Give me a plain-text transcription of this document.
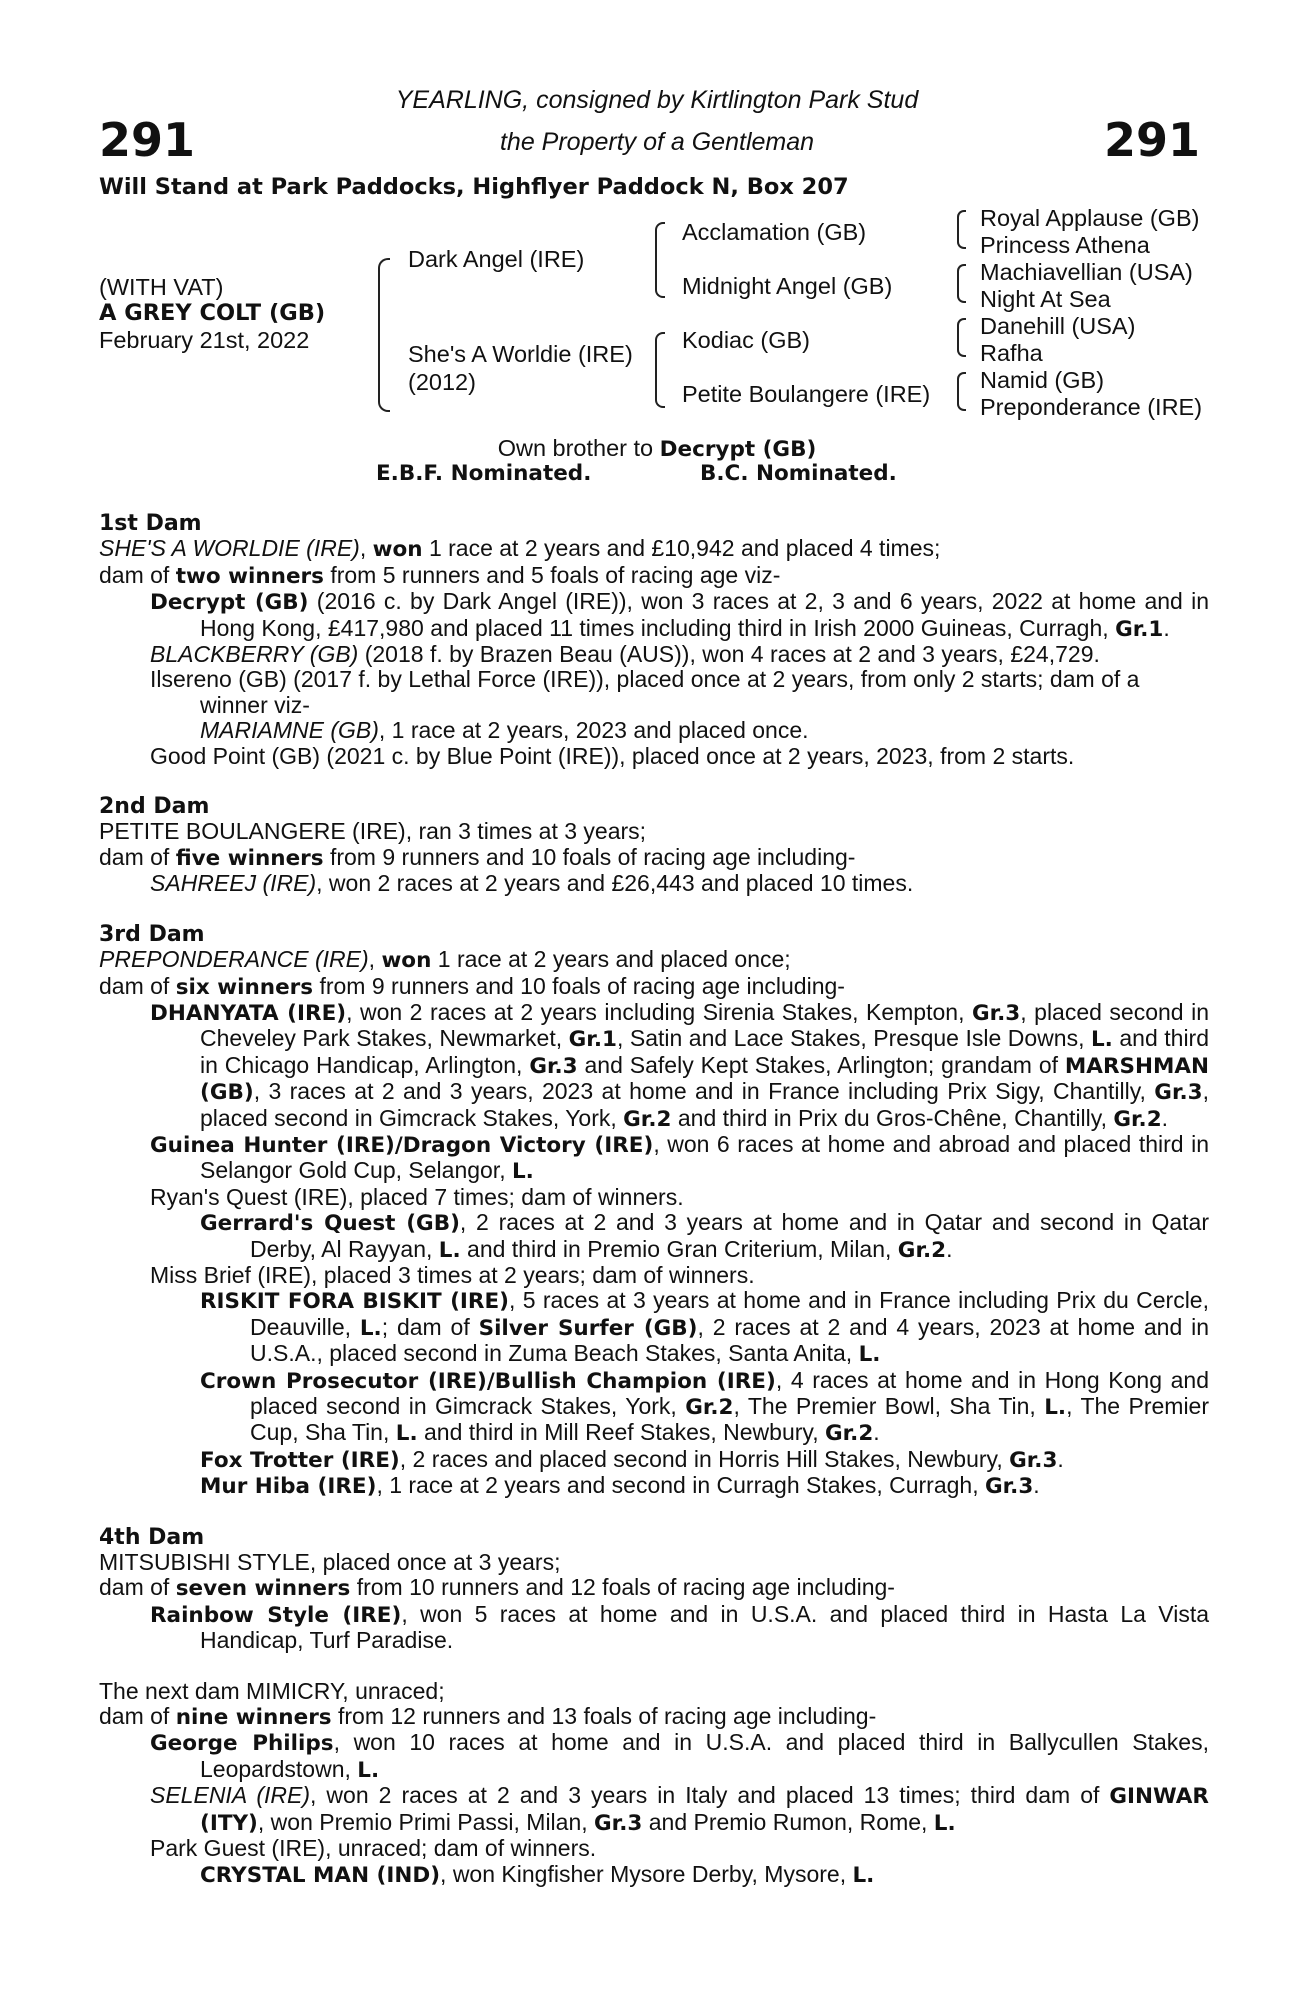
291	291
YEARLING, consigned by Kirtlington Park Stud
the Property of a Gentleman
Will Stand at Park Paddocks, Highflyer Paddock N, Box 207
(WITH VAT)
A GREY COLT (GB)
February 21st, 2022
Dark Angel (IRE)
She's A Worldie (IRE)
(2012)
Acclamation (GB)
Midnight Angel (GB)
Kodiac (GB)
Petite Boulangere (IRE)
Royal Applause (GB)
Princess Athena
Machiavellian (USA)
Night At Sea
Danehill (USA)
Rafha
Namid (GB)
Preponderance (IRE)
Own brother to Decrypt (GB)
E.B.F. Nominated.	B.C. Nominated.
1st Dam
SHE'S A WORLDIE (IRE), won 1 race at 2 years and £10,942 and placed 4 times;
dam of two winners from 5 runners and 5 foals of racing age viz-
Decrypt (GB) (2016 c. by Dark Angel (IRE)), won 3 races at 2, 3 and 6 years, 2022 at home and in Hong Kong, £417,980 and placed 11 times including third in Irish 2000 Guineas, Curragh, Gr.1.
BLACKBERRY (GB) (2018 f. by Brazen Beau (AUS)), won 4 races at 2 and 3 years, £24,729.
Ilsereno (GB) (2017 f. by Lethal Force (IRE)), placed once at 2 years, from only 2 starts; dam of a winner viz-
MARIAMNE (GB), 1 race at 2 years, 2023 and placed once.
Good Point (GB) (2021 c. by Blue Point (IRE)), placed once at 2 years, 2023, from 2 starts.
2nd Dam
PETITE BOULANGERE (IRE), ran 3 times at 3 years;
dam of five winners from 9 runners and 10 foals of racing age including-
SAHREEJ (IRE), won 2 races at 2 years and £26,443 and placed 10 times.
3rd Dam
PREPONDERANCE (IRE), won 1 race at 2 years and placed once;
dam of six winners from 9 runners and 10 foals of racing age including-
DHANYATA (IRE), won 2 races at 2 years including Sirenia Stakes, Kempton, Gr.3, placed second in Cheveley Park Stakes, Newmarket, Gr.1, Satin and Lace Stakes, Presque Isle Downs, L. and third in Chicago Handicap, Arlington, Gr.3 and Safely Kept Stakes, Arlington; grandam of MARSHMAN (GB), 3 races at 2 and 3 years, 2023 at home and in France including Prix Sigy, Chantilly, Gr.3, placed second in Gimcrack Stakes, York, Gr.2 and third in Prix du Gros-Chêne, Chantilly, Gr.2.
Guinea Hunter (IRE)/Dragon Victory (IRE), won 6 races at home and abroad and placed third in Selangor Gold Cup, Selangor, L.
Ryan's Quest (IRE), placed 7 times; dam of winners.
Gerrard's Quest (GB), 2 races at 2 and 3 years at home and in Qatar and second in Qatar Derby, Al Rayyan, L. and third in Premio Gran Criterium, Milan, Gr.2.
Miss Brief (IRE), placed 3 times at 2 years; dam of winners.
RISKIT FORA BISKIT (IRE), 5 races at 3 years at home and in France including Prix du Cercle, Deauville, L.; dam of Silver Surfer (GB), 2 races at 2 and 4 years, 2023 at home and in U.S.A., placed second in Zuma Beach Stakes, Santa Anita, L.
Crown Prosecutor (IRE)/Bullish Champion (IRE), 4 races at home and in Hong Kong and placed second in Gimcrack Stakes, York, Gr.2, The Premier Bowl, Sha Tin, L., The Premier Cup, Sha Tin, L. and third in Mill Reef Stakes, Newbury, Gr.2.
Fox Trotter (IRE), 2 races and placed second in Horris Hill Stakes, Newbury, Gr.3.
Mur Hiba (IRE), 1 race at 2 years and second in Curragh Stakes, Curragh, Gr.3.
4th Dam
MITSUBISHI STYLE, placed once at 3 years;
dam of seven winners from 10 runners and 12 foals of racing age including-
Rainbow Style (IRE), won 5 races at home and in U.S.A. and placed third in Hasta La Vista Handicap, Turf Paradise.
The next dam MIMICRY, unraced;
dam of nine winners from 12 runners and 13 foals of racing age including-
George Philips, won 10 races at home and in U.S.A. and placed third in Ballycullen Stakes, Leopardstown, L.
SELENIA (IRE), won 2 races at 2 and 3 years in Italy and placed 13 times; third dam of GINWAR (ITY), won Premio Primi Passi, Milan, Gr.3 and Premio Rumon, Rome, L.
Park Guest (IRE), unraced; dam of winners.
CRYSTAL MAN (IND), won Kingfisher Mysore Derby, Mysore, L.
